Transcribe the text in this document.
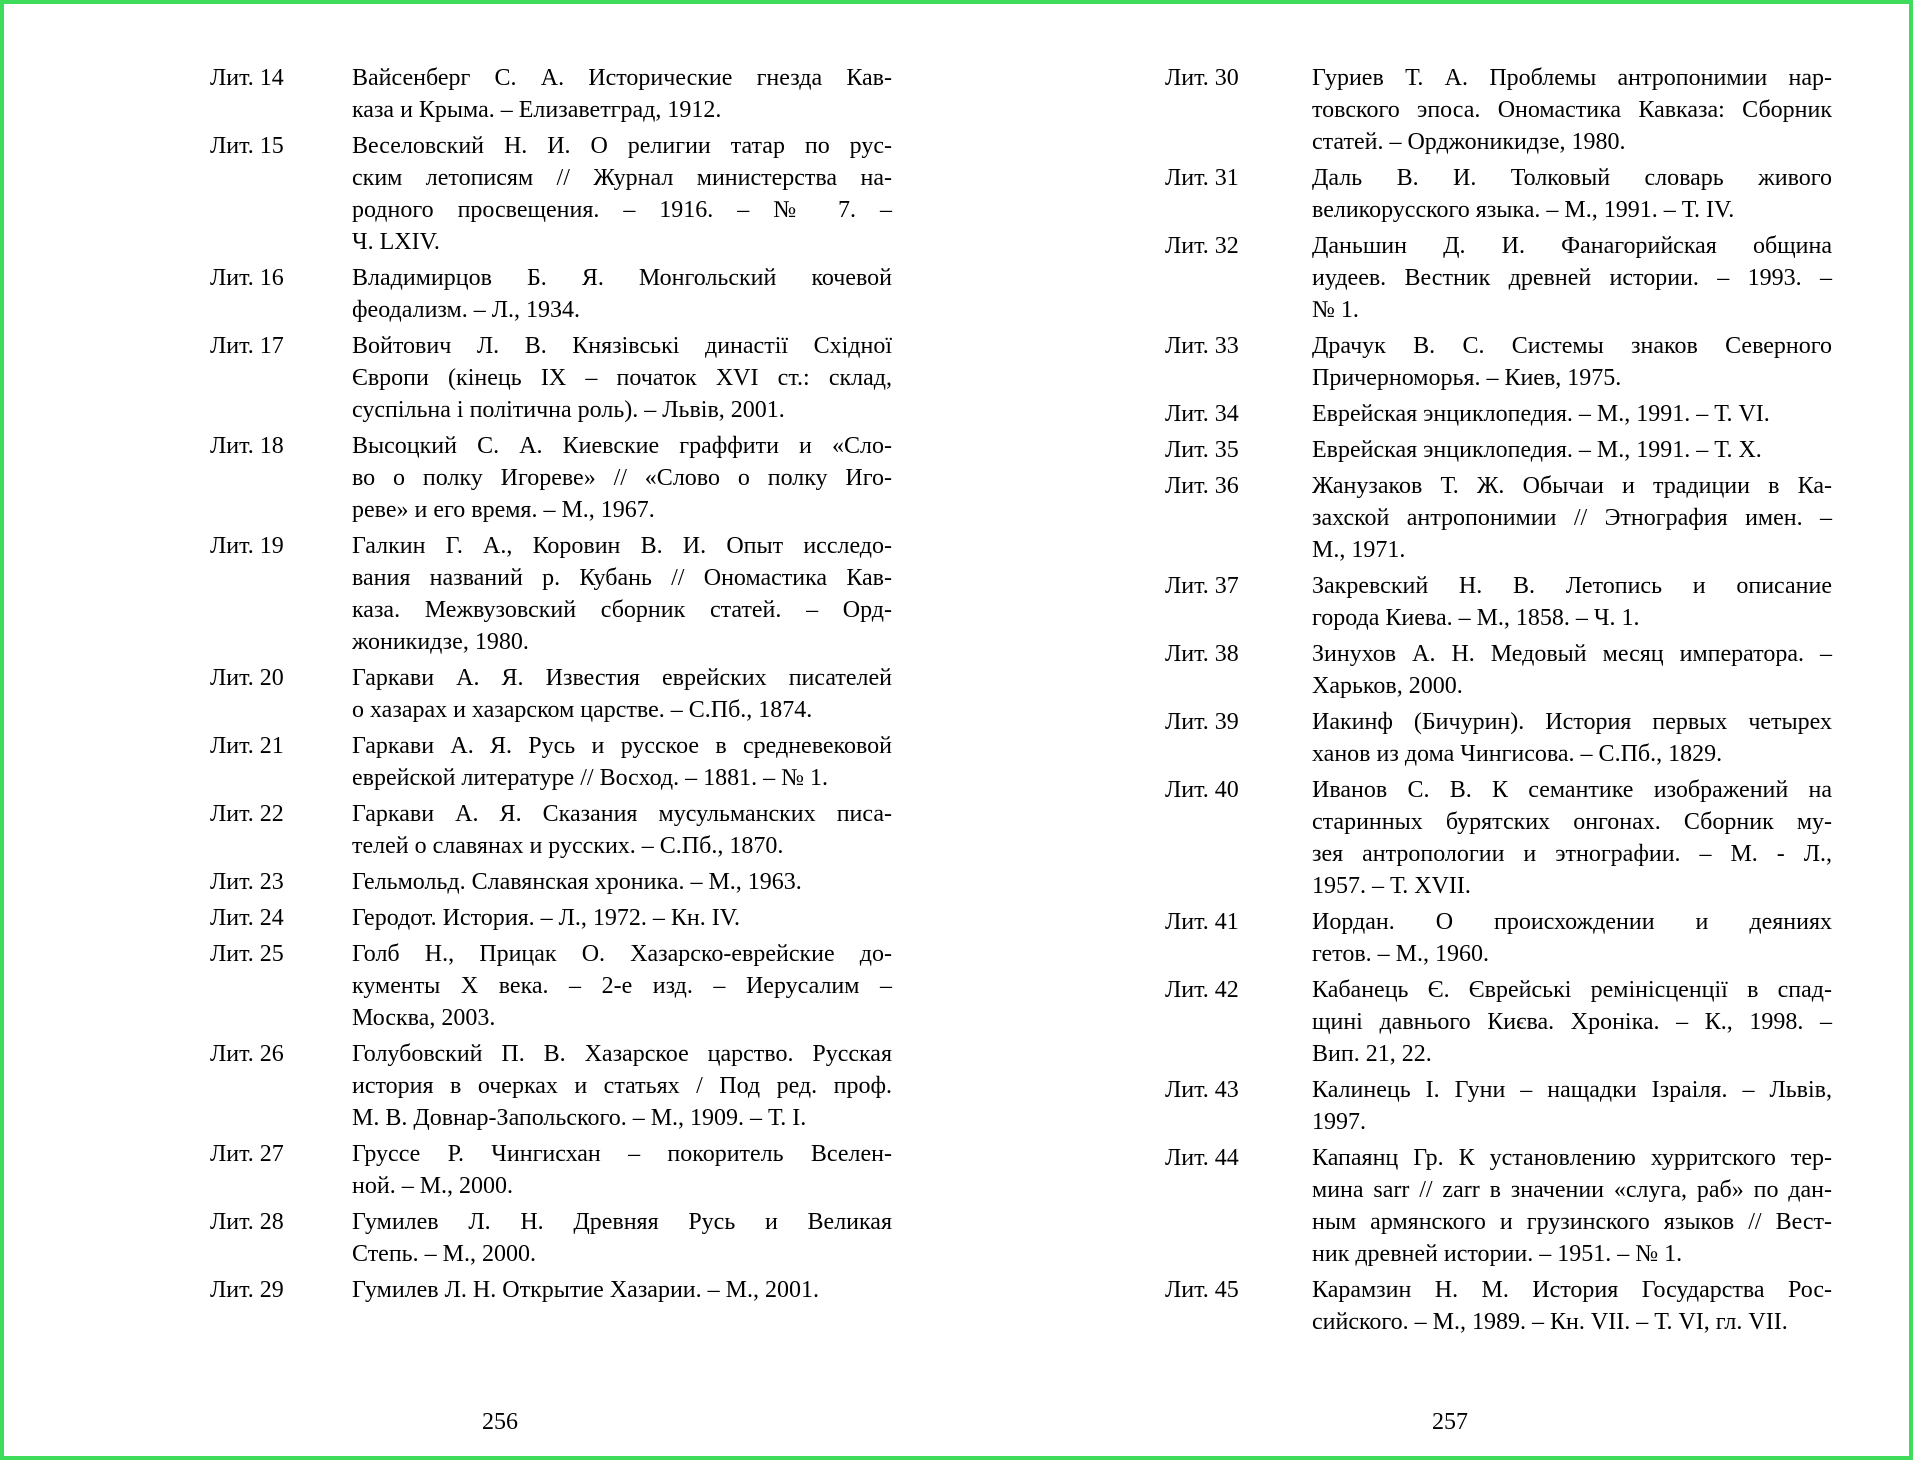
Лит. 14	Вайсенберг С. А. Исторические гнезда Кав-
каза и Крыма. – Елизаветград, 1912.
Лит. 15	Веселовский Н. И. О религии татар по рус-
ским летописям // Журнал министерства на-
родного просвещения. – 1916. – № 7. –
Ч. LXIV.
Лит. 16	Владимирцов Б. Я. Монгольский кочевой
феодализм. – Л., 1934.
Лит. 17	Войтович Л. В. Князівські династії Східної
Європи (кінець IX – початок XVI ст.: склад,
суспільна і політична роль). – Львів, 2001.
Лит. 18	Высоцкий С. А. Киевские граффити и «Сло-
во о полку Игореве» // «Слово о полку Иго-
реве» и его время. – М., 1967.
Лит. 19	Галкин Г. А., Коровин В. И. Опыт исследо-
вания названий р. Кубань // Ономастика Кав-
каза. Межвузовский сборник статей. – Орд-
жоникидзе, 1980.
Лит. 20	Гаркави А. Я. Известия еврейских писателей
о хазарах и хазарском царстве. – С.Пб., 1874.
Лит. 21	Гаркави А. Я. Русь и русское в средневековой
еврейской литературе // Восход. – 1881. – № 1.
Лит. 22	Гаркави А. Я. Сказания мусульманских писа-
телей о славянах и русских. – С.Пб., 1870.
Лит. 23	Гельмольд. Славянская хроника. – М., 1963.
Лит. 24	Геродот. История. – Л., 1972. – Кн. IV.
Лит. 25	Голб Н., Прицак О. Хазарско-еврейские до-
кументы Х века. – 2-е изд. – Иерусалим –
Москва, 2003.
Лит. 26	Голубовский П. В. Хазарское царство. Русская
история в очерках и статьях / Под ред. проф.
М. В. Довнар-Запольского. – М., 1909. – Т. I.
Лит. 27	Груссе Р. Чингисхан – покоритель Вселен-
ной. – М., 2000.
Лит. 28	Гумилев Л. Н. Древняя Русь и Великая
Степь. – М., 2000.
Лит. 29	Гумилев Л. Н. Открытие Хазарии. – М., 2001.
Лит. 30	Гуриев Т. А. Проблемы антропонимии нар-
товского эпоса. Ономастика Кавказа: Сборник
статей. – Орджоникидзе, 1980.
Лит. 31	Даль В. И. Толковый словарь живого
великорусского языка. – М., 1991. – Т. IV.
Лит. 32	Даньшин Д. И. Фанагорийская община
иудеев. Вестник древней истории. – 1993. –
№ 1.
Лит. 33	Драчук В. С. Системы знаков Северного
Причерноморья. – Киев, 1975.
Лит. 34	Еврейская энциклопедия. – М., 1991. – Т. VI.
Лит. 35	Еврейская энциклопедия. – М., 1991. – Т. Х.
Лит. 36	Жанузаков Т. Ж. Обычаи и традиции в Ка-
захской антропонимии // Этнография имен. –
М., 1971.
Лит. 37	Закревский Н. В. Летопись и описание
города Киева. – М., 1858. – Ч. 1.
Лит. 38	Зинухов А. Н. Медовый месяц императора. –
Харьков, 2000.
Лит. 39	Иакинф (Бичурин). История первых четырех
ханов из дома Чингисова. – С.Пб., 1829.
Лит. 40	Иванов С. В. К семантике изображений на
старинных бурятских онгонах. Сборник му-
зея антропологии и этнографии. – М. - Л.,
1957. – Т. XVII.
Лит. 41	Иордан. О происхождении и деяниях
гетов. – М., 1960.
Лит. 42	Кабанець Є. Єврейські ремінісценції в спад-
щині давнього Києва. Хроніка. – К., 1998. –
Вип. 21, 22.
Лит. 43	Калинець І. Гуни – нащадки Ізраіля. – Львів,
1997.
Лит. 44	Капаянц Гр. К установлению хурритского тер-
мина sarr // zarr в значении «слуга, раб» по дан-
ным армянского и грузинского языков // Вест-
ник древней истории. – 1951. – № 1.
Лит. 45	Карамзин Н. М. История Государства Рос-
сийского. – М., 1989. – Кн. VII. – Т. VI, гл. VII.
256	257
